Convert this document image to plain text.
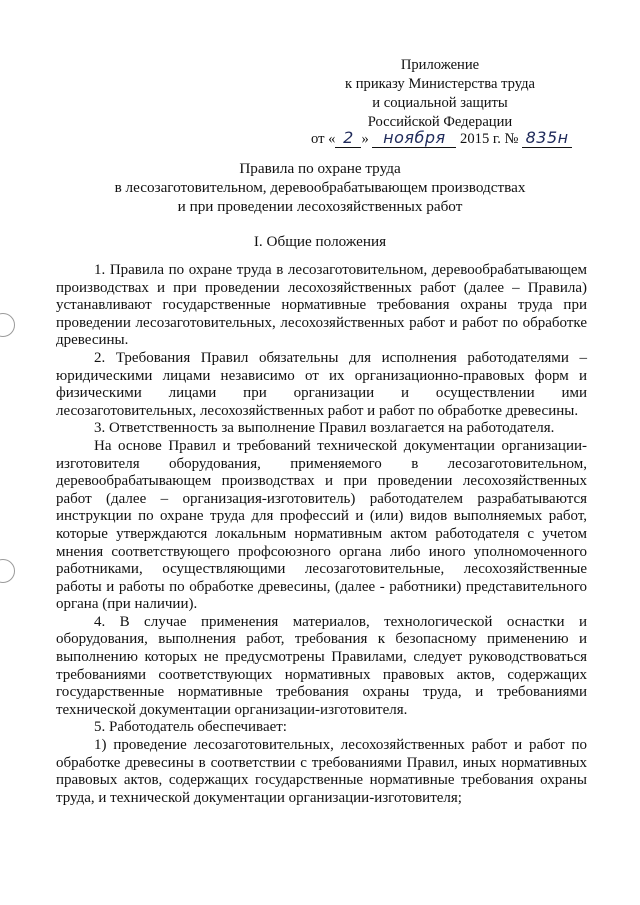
Приложение
к приказу Министерства труда
и социальной защиты
Российской Федерации
от « 2 » ноября 2015 г. № 835н
Правила по охране труда
в лесозаготовительном, деревообрабатывающем производствах
и при проведении лесохозяйственных работ
I. Общие положения

1. Правила по охране труда в лесозаготовительном, деревообрабатывающем производствах и при проведении лесохозяйственных работ (далее – Правила) устанавливают государственные нормативные требования охраны труда при проведении лесозаготовительных, лесохозяйственных работ и работ по обработке древесины.

2. Требования Правил обязательны для исполнения работодателями – юридическими лицами независимо от их организационно-правовых форм и физическими лицами при организации и осуществлении ими лесозаготовительных, лесохозяйственных работ и работ по обработке древесины.

3. Ответственность за выполнение Правил возлагается на работодателя.

На основе Правил и требований технической документации организации-изготовителя оборудования, применяемого в лесозаготовительном, деревообрабатывающем производствах и при проведении лесохозяйственных работ (далее – организация-изготовитель) работодателем разрабатываются инструкции по охране труда для профессий и (или) видов выполняемых работ, которые утверждаются локальным нормативным актом работодателя с учетом мнения соответствующего профсоюзного органа либо иного уполномоченного работниками, осуществляющими лесозаготовительные, лесохозяйственные работы и работы по обработке древесины, (далее - работники) представительного органа (при наличии).

4. В случае применения материалов, технологической оснастки и оборудования, выполнения работ, требования к безопасному применению и выполнению которых не предусмотрены Правилами, следует руководствоваться требованиями соответствующих нормативных правовых актов, содержащих государственные нормативные требования охраны труда, и требованиями технической документации организации-изготовителя.

5. Работодатель обеспечивает:

1) проведение лесозаготовительных, лесохозяйственных работ и работ по обработке древесины в соответствии с требованиями Правил, иных нормативных правовых актов, содержащих государственные нормативные требования охраны труда, и технической документации организации-изготовителя;
